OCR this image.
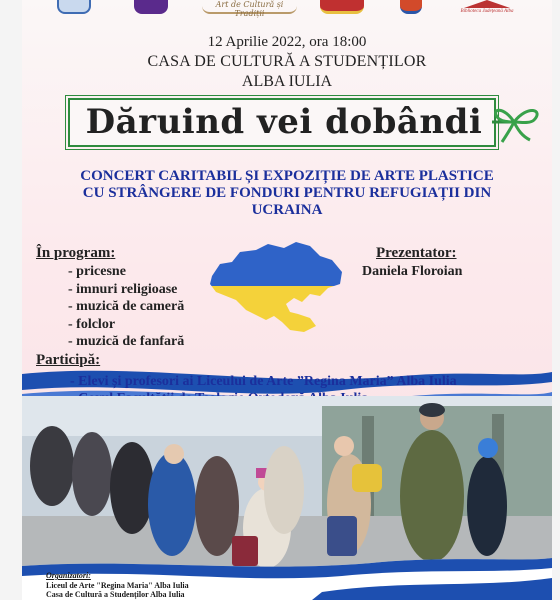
Art de Cultură și Tradiții	Biblioteca Județeană Alba
12 Aprilie 2022, ora 18:00
CASA DE CULTURĂ A STUDENȚILOR
ALBA IULIA
Dăruind vei dobândi
CONCERT CARITABIL ȘI EXPOZIȚIE DE ARTE PLASTICE
CU STRÂNGERE DE FONDURI PENTRU REFUGIAȚII DIN
UCRAINA
În program:
- pricesne
- imnuri religioase
- muzică de cameră
- folclor
- muzică de fanfară
Prezentator:
Daniela Floroian
Participă:
- Elevi și profesori ai Liceului de Arte ”Regina Maria” Alba Iulia
Organizatori:
Liceul de Arte "Regina Maria" Alba Iulia
Casa de Cultură a Studenților Alba Iulia
